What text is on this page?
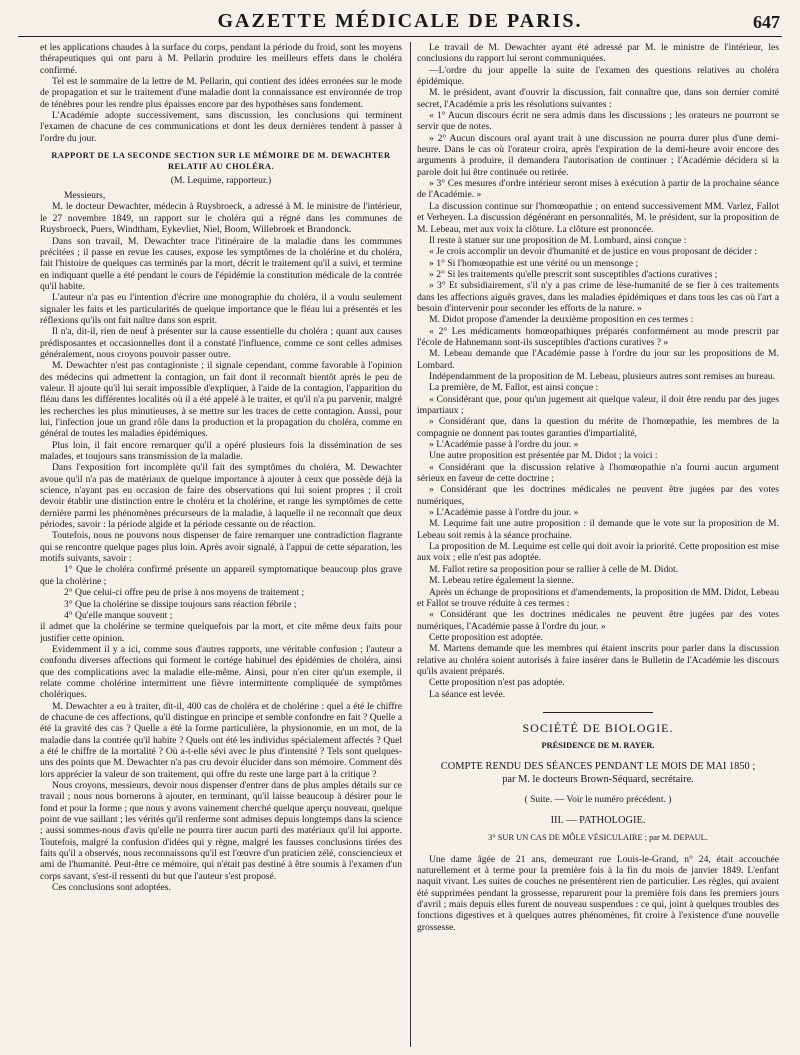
GAZETTE MÉDICALE DE PARIS.	647

et les applications chaudes à la surface du corps, pendant la période du froid, sont les moyens thérapeutiques qui ont paru à M. Pellarin produire les meilleurs effets dans le choléra confirmé.

Tel est le sommaire de la lettre de M. Pellarin, qui contient des idées erronées sur le mode de propagation et sur le traitement d'une maladie dont la connaissance est environnée de trop de ténèbres pour les rendre plus épaisses encore par des hypothèses sans fondement.

L'Académie adopte successivement, sans discussion, les conclusions qui terminent l'examen de chacune de ces communications et dont les deux dernières tendent à passer à l'ordre du jour.

RAPPORT DE LA SECONDE SECTION SUR LE MÉMOIRE DE M. DEWACHTER RELATIF AU CHOLÉRA.
(M. Lequime, rapporteur.)

Messieurs,

M. le docteur Dewachter, médecin à Ruysbroeck, a adressé à M. le ministre de l'intérieur, le 27 novembre 1849, un rapport sur le choléra qui a régné dans les communes de Ruysbroeck, Puers, Windtham, Eykevliet, Niel, Boom, Willebroek et Brandonck.

Dans son travail, M. Dewachter trace l'itinéraire de la maladie dans les communes précitées ; il passe en revue les causes, expose les symptômes de la cholérine et du choléra, fait l'histoire de quelques cas terminés par la mort, décrit le traitement qu'il a suivi, et termine en indiquant quelle a été pendant le cours de l'épidémie la constitution médicale de la contrée qu'il habite.

L'auteur n'a pas eu l'intention d'écrire une monographie du choléra, il a voulu seulement signaler les faits et les particularités de quelque importance que le fléau lui a présentés et les réflexions qu'ils ont fait naître dans son esprit.

Il n'a, dit-il, rien de neuf à présenter sur la cause essentielle du choléra ; quant aux causes prédisposantes et occasionnelles dont il a constaté l'influence, comme ce sont celles admises généralement, nous croyons pouvoir passer outre.

M. Dewachter n'est pas contagioniste ; il signale cependant, comme favorable à l'opinion des médecins qui admettent la contagion, un fait dont il reconnaît bientôt après le peu de valeur. Il ajoute qu'il lui serait impossible d'expliquer, à l'aide de la contagion, l'apparition du fléau dans les différentes localités où il a été appelé à le traiter, et qu'il n'a pu parvenir, malgré les recherches les plus minutieuses, à se mettre sur les traces de cette contagion. Aussi, pour lui, l'infection joue un grand rôle dans la production et la propagation du choléra, comme en général de toutes les maladies épidémiques.

Plus loin, il fait encore remarquer qu'il a opéré plusieurs fois la dissémination de ses malades, et toujours sans transmission de la maladie.

Dans l'exposition fort incomplète qu'il fait des symptômes du choléra, M. Dewachter avoue qu'il n'a pas de matériaux de quelque importance à ajouter à ceux que possède déjà la science, n'ayant pas eu occasion de faire des observations qui lui soient propres ; il croit devoir établir une distinction entre le choléra et la cholérine, et range les symptômes de cette dernière parmi les phénomènes précurseurs de la maladie, à laquelle il ne reconnaît que deux périodes, savoir : la période algide et la période cessante ou de réaction.

Toutefois, nous ne pouvons nous dispenser de faire remarquer une contradiction flagrante qui se rencontre quelque pages plus loin. Après avoir signalé, à l'appui de cette séparation, les motifs suivants, savoir :

1° Que le choléra confirmé présente un appareil symptomatique beaucoup plus grave que la cholérine ;

2° Que celui-ci offre peu de prise à nos moyens de traitement ;

3° Que la cholérine se dissipe toujours sans réaction fébrile ;

4° Qu'elle manque souvent ;

il admet que la cholérine se termine quelquefois par la mort, et cite même deux faits pour justifier cette opinion.

Evidemment il y a ici, comme sous d'autres rapports, une véritable confusion ; l'auteur a confondu diverses affections qui forment le cortége habituel des épidémies de choléra, ainsi que des complications avec la maladie elle-même. Ainsi, pour n'en citer qu'un exemple, il relate comme cholérine intermittent une fièvre intermittente compliquée de symptômes cholériques.

M. Dewachter a eu à traiter, dit-il, 400 cas de choléra et de cholérine : quel a été le chiffre de chacune de ces affections, qu'il distingue en principe et semble confondre en fait ? Quelle a été la gravité des cas ? Quelle a été la forme particulière, la physionomie, en un mot, de la maladie dans la contrée qu'il habite ? Quels ont été les individus spécialement affectés ? Quel a été le chiffre de la mortalité ? Où a-t-elle sévi avec le plus d'intensité ? Tels sont quelques-uns des points que M. Dewachter n'a pas cru devoir élucider dans son mémoire. Comment dès lors apprécier la valeur de son traitement, qui offre du reste une large part à la critique ?

Nous croyons, messieurs, devoir nous dispenser d'entrer dans de plus amples détails sur ce travail ; nous nous bornerons à ajouter, en terminant, qu'il laisse beaucoup à désirer pour le fond et pour la forme ; que nous y avons vainement cherché quelque aperçu nouveau, quelque point de vue saillant ; les vérités qu'il renferme sont admises depuis longtemps dans la science ; aussi sommes-nous d'avis qu'elle ne pourra tirer aucun parti des matériaux qu'il lui apporte. Toutefois, malgré la confusion d'idées qui y règne, malgré les fausses conclusions tirées des faits qu'il a observés, nous reconnaissons qu'il est l'œuvre d'un praticien zélé, consciencieux et ami de l'humanité. Peut-être ce mémoire, qui n'était pas destiné à être soumis à l'examen d'un corps savant, s'est-il ressenti du but que l'auteur s'est proposé.

Ces conclusions sont adoptées.

Le travail de M. Dewachter ayant été adressé par M. le ministre de l'intérieur, les conclusions du rapport lui seront communiquées.

—L'ordre du jour appelle la suite de l'examen des questions relatives au choléra épidémique.

M. le président, avant d'ouvrir la discussion, fait connaître que, dans son dernier comité secret, l'Académie a pris les résolutions suivantes :

« 1° Aucun discours écrit ne sera admis dans les discussions ; les orateurs ne pourront se servir que de notes.

» 2° Aucun discours oral ayant trait à une discussion ne pourra durer plus d'une demi-heure. Dans le cas où l'orateur croira, après l'expiration de la demi-heure avoir encore des arguments à produire, il demandera l'autorisation de continuer ; l'Académie décidera si la parole doit lui être continuée ou retirée.

» 3° Ces mesures d'ordre intérieur seront mises à exécution à partir de la prochaine séance de l'Académie. »

La discussion continue sur l'homœopathie ; on entend successivement MM. Varlez, Fallot et Verheyen. La discussion dégénérant en personnalités, M. le président, sur la proposition de M. Lebeau, met aux voix la clôture. La clôture est prononcée.

Il reste à statuer sur une proposition de M. Lombard, ainsi conçue :

« Je crois accomplir un devoir d'humanité et de justice en vous proposant de décider :

» 1° Si l'homœopathie est une vérité ou un mensonge ;

» 2° Si les traitements qu'elle prescrit sont susceptibles d'actions curatives ;

» 3° Et subsidiairement, s'il n'y a pas crime de lèse-humanité de se fier à ces traitements dans les affections aiguës graves, dans les maladies épidémiques et dans tous les cas où l'art a besoin d'intervenir pour seconder les efforts de la nature. »

M. Didot propose d'amender la deuxième proposition en ces termes :

« 2° Les médicaments homœopathiques préparés conformément au mode prescrit par l'école de Hahnemann sont-ils susceptibles d'actions curatives ? »

M. Lebeau demande que l'Académie passe à l'ordre du jour sur les propositions de M. Lombard.

Indépendamment de la proposition de M. Lebeau, plusieurs autres sont remises au bureau.

La première, de M. Fallot, est ainsi conçue :

« Considérant que, pour qu'un jugement ait quelque valeur, il doit être rendu par des juges impartiaux ;

» Considérant que, dans la question du mérite de l'homœpathie, les membres de la compagnie ne donnent pas toutes garanties d'impartialité,

» L'Académie passe à l'ordre du jour. »

Une autre proposition est présentée par M. Didot ; la voici :

« Considérant que la discussion relative à l'homœopathie n'a fourni aucun argument sérieux en faveur de cette doctrine ;

» Considérant que les doctrines médicales ne peuvent être jugées par des votes numériques,

» L'Académie passe à l'ordre du jour. »

M. Lequime fait une autre proposition : il demande que le vote sur la proposition de M. Lebeau soit remis à la séance prochaine.

La proposition de M. Lequime est celle qui doit avoir la priorité. Cette proposition est mise aux voix ; elle n'est pas adoptée.

M. Fallot retire sa proposition pour se rallier à celle de M. Didot.

M. Lebeau retire également la sienne.

Après un échange de propositions et d'amendements, la proposition de MM. Didot, Lebeau et Fallot se trouve réduite à ces termes :

« Considérant que les doctrines médicales ne peuvent être jugées par des votes numériques, l'Académie passe à l'ordre du jour. »

Cette proposition est adoptée.

M. Martens demande que les membres qui étaient inscrits pour parler dans la discussion relative au choléra soient autorisés à faire insérer dans le Bulletin de l'Académie les discours qu'ils avaient préparés.

Cette proposition n'est pas adoptée.

La séance est levée.

SOCIÉTÉ DE BIOLOGIE.
PRÉSIDENCE DE M. RAYER.
COMPTE RENDU DES SÉANCES PENDANT LE MOIS DE MAI 1850 ;
par M. le docteurs Brown-Séquard, secrétaire.
( Suite. — Voir le numéro précédent. )
III. — PATHOLOGIE.
3° SUR UN CAS DE MÔLE VÉSICULAIRE ; par M. DEPAUL.

Une dame âgée de 21 ans, demeurant rue Louis-le-Grand, n° 24, était accouchée naturellement et à terme pour la première fois à la fin du mois de janvier 1849. L'enfant naquit vivant. Les suites de couches ne présentèrent rien de particulier. Les règles, qui avaient été supprimées pendant la grossesse, reparurent pour la première fois dans les premiers jours d'avril ; mais depuis elles furent de nouveau suspendues : ce qui, joint à quelques troubles des fonctions digestives et à quelques autres phénomènes, fit croire à l'existence d'une nouvelle grossesse.
